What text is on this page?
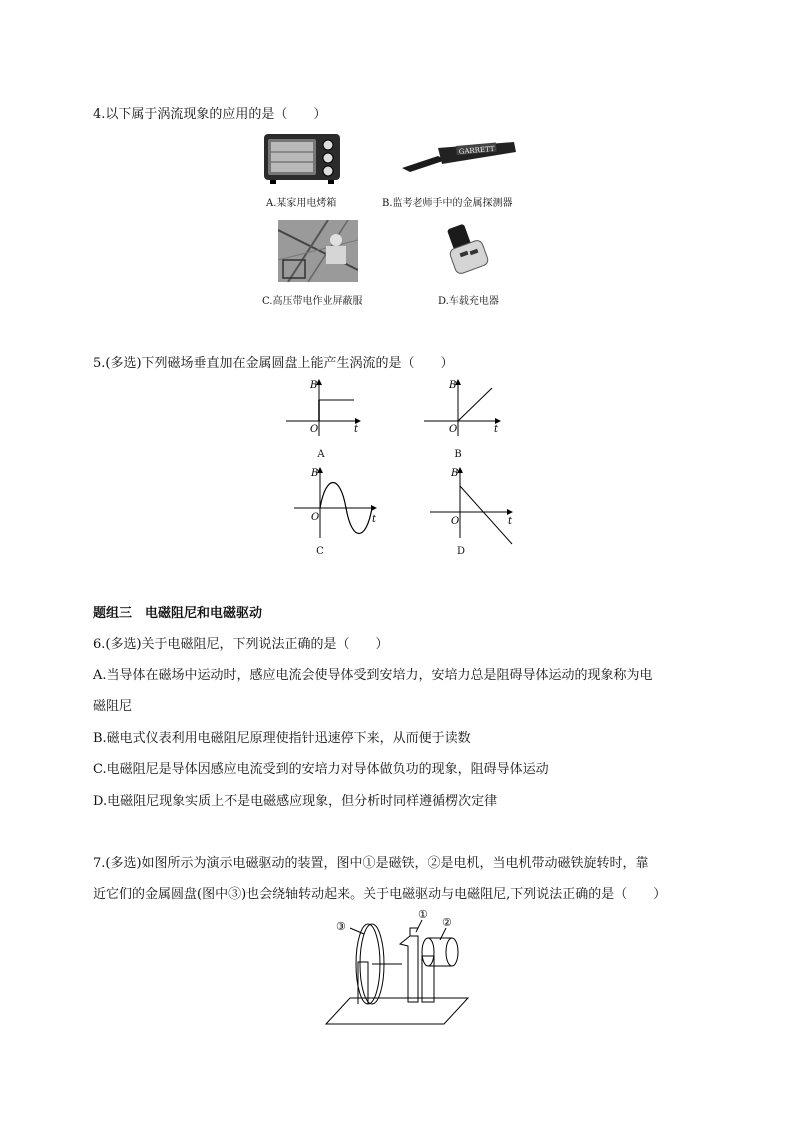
4.以下属于涡流现象的应用的是（　　）
A.某家用电烤箱
GARRETT
B.监考老师手中的金属探测器
C.高压带电作业屏蔽服	D.车载充电器
5.(多选)下列磁场垂直加在金属圆盘上能产生涡流的是（　　）
B
O	t
A
B
O	t
B
B
O	t
C
B
O	t
D
题组三　电磁阻尼和电磁驱动
6.(多选)关于电磁阻尼，下列说法正确的是（　　）
A.当导体在磁场中运动时，感应电流会使导体受到安培力，安培力总是阻碍导体运动的现象称为电
磁阻尼
B.磁电式仪表利用电磁阻尼原理使指针迅速停下来，从而便于读数
C.电磁阻尼是导体因感应电流受到的安培力对导体做负功的现象，阻碍导体运动
D.电磁阻尼现象实质上不是电磁感应现象，但分析时同样遵循楞次定律
7.(多选)如图所示为演示电磁驱动的装置，图中①是磁铁，②是电机，当电机带动磁铁旋转时，靠
近它们的金属圆盘(图中③)也会绕轴转动起来。关于电磁驱动与电磁阻尼,下列说法正确的是（　　）
③
①
②
